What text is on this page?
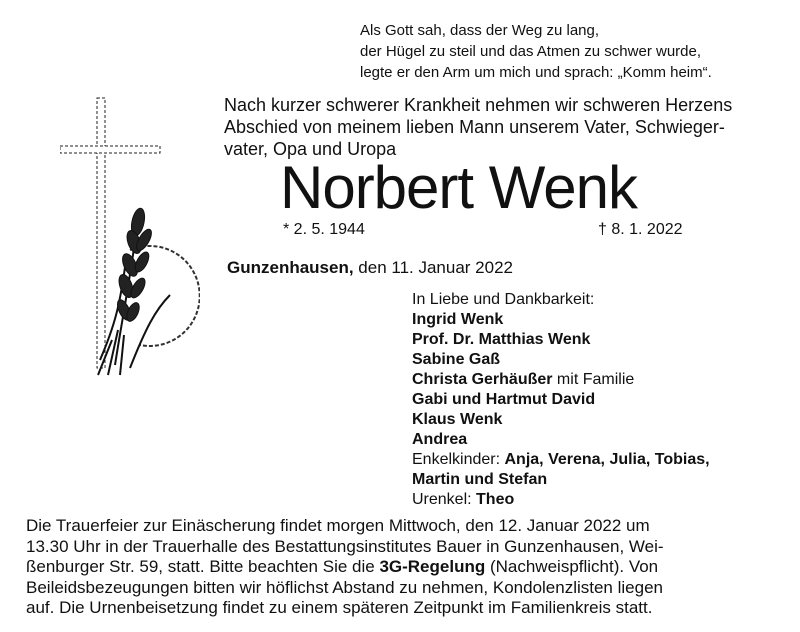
Als Gott sah, dass der Weg zu lang,
der Hügel zu steil und das Atmen zu schwer wurde,
legte er den Arm um mich und sprach: „Komm heim“.
Nach kurzer schwerer Krankheit nehmen wir schweren Herzens
Abschied von meinem lieben Mann unserem Vater, Schwieger-
vater, Opa und Uropa
Norbert Wenk
* 2. 5. 1944	† 8. 1. 2022
Gunzenhausen, den 11. Januar 2022
In Liebe und Dankbarkeit:
Ingrid Wenk
Prof. Dr. Matthias Wenk
Sabine Gaß
Christa Gerhäußer mit Familie
Gabi und Hartmut David
Klaus Wenk
Andrea
Enkelkinder: Anja, Verena, Julia, Tobias,
Martin und Stefan
Urenkel: Theo
Die Trauerfeier zur Einäscherung findet morgen Mittwoch, den 12. Januar 2022 um
13.30 Uhr in der Trauerhalle des Bestattungsinstitutes Bauer in Gunzenhausen, Wei-
ßenburger Str. 59, statt. Bitte beachten Sie die 3G-Regelung (Nachweispflicht). Von
Beileidsbezeugungen bitten wir höflichst Abstand zu nehmen, Kondolenzlisten liegen
auf. Die Urnenbeisetzung findet zu einem späteren Zeitpunkt im Familienkreis statt.
